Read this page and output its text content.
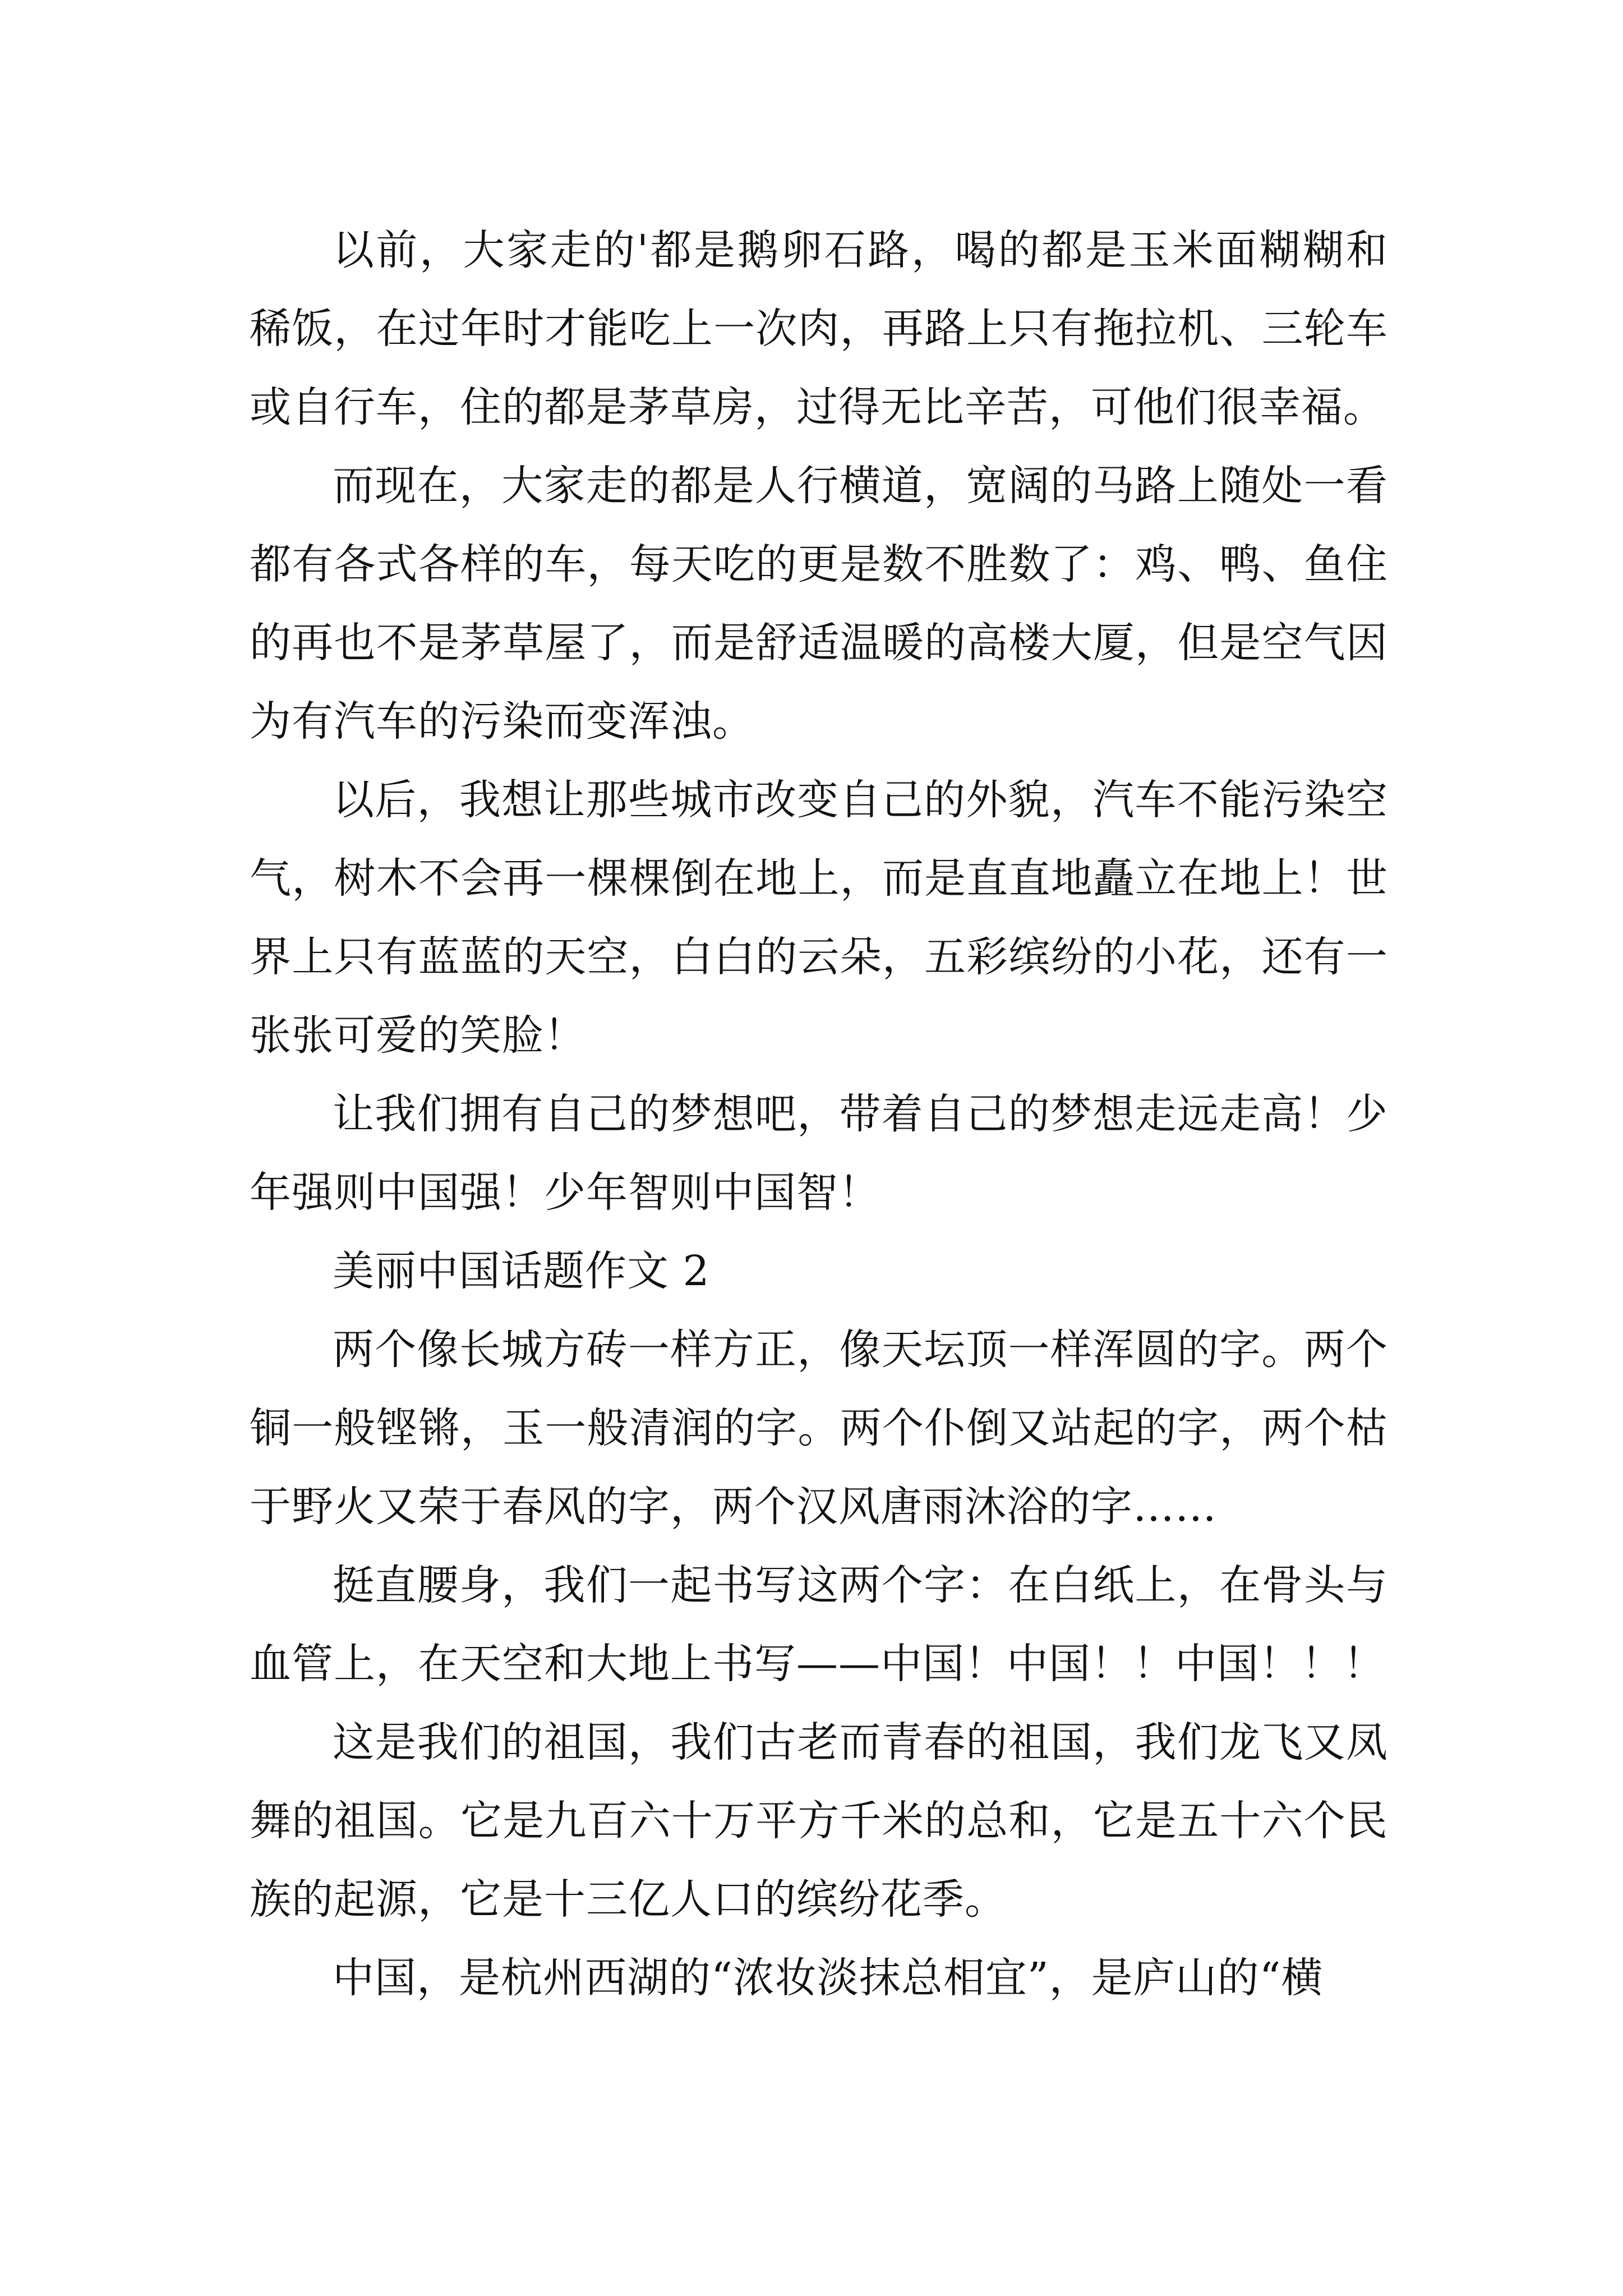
以前，大家走的'都是鹅卵石路，喝的都是玉米面糊糊和稀饭，在过年时才能吃上一次肉，再路上只有拖拉机、三轮车或自行车，住的都是茅草房，过得无比辛苦，可他们很幸福。

而现在，大家走的都是人行横道，宽阔的马路上随处一看都有各式各样的车，每天吃的更是数不胜数了：鸡、鸭、鱼住的再也不是茅草屋了，而是舒适温暖的高楼大厦，但是空气因为有汽车的污染而变浑浊。

以后，我想让那些城市改变自己的外貌，汽车不能污染空气，树木不会再一棵棵倒在地上，而是直直地矗立在地上！世界上只有蓝蓝的天空，白白的云朵，五彩缤纷的小花，还有一张张可爱的笑脸！

让我们拥有自己的梦想吧，带着自己的梦想走远走高！少年强则中国强！少年智则中国智！

美丽中国话题作文 2

两个像长城方砖一样方正，像天坛顶一样浑圆的字。两个铜一般铿锵，玉一般清润的字。两个仆倒又站起的字，两个枯于野火又荣于春风的字，两个汉风唐雨沐浴的字……

挺直腰身，我们一起书写这两个字：在白纸上，在骨头与血管上，在天空和大地上书写——中国！中国！！中国！！！

这是我们的祖国，我们古老而青春的祖国，我们龙飞又凤舞的祖国。它是九百六十万平方千米的总和，它是五十六个民族的起源，它是十三亿人口的缤纷花季。

中国，是杭州西湖的“浓妆淡抹总相宜”，是庐山的“横
